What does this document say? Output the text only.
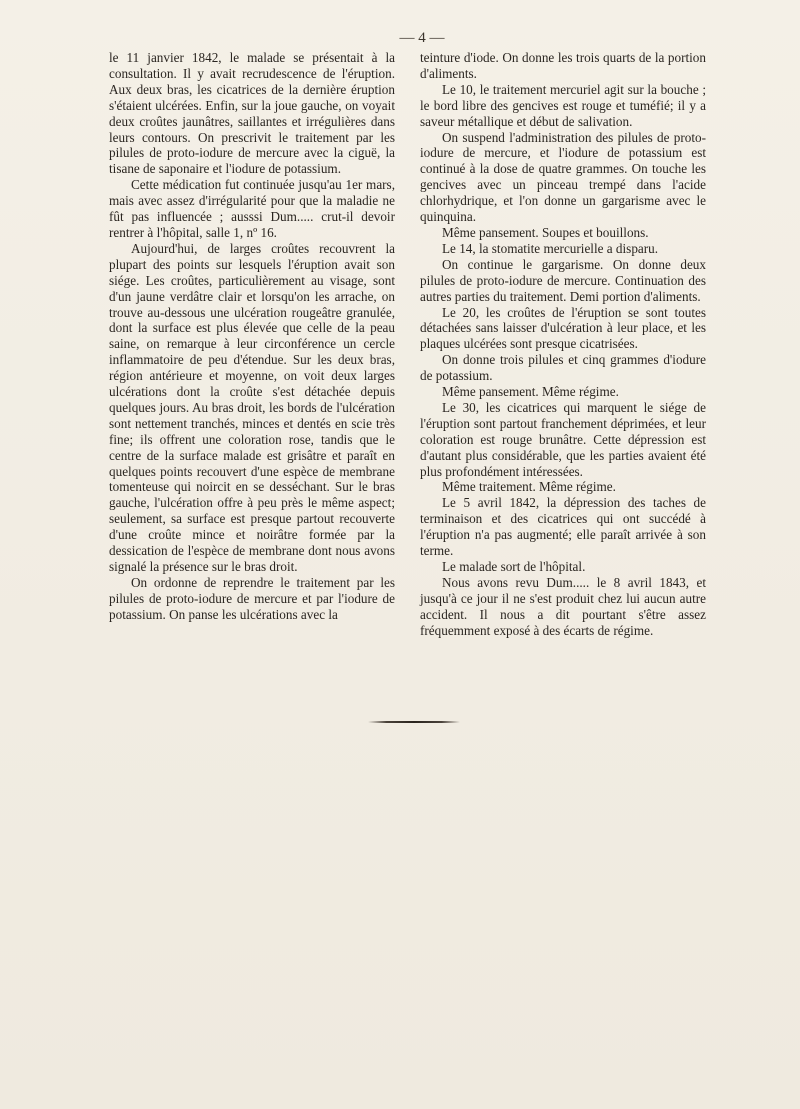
— 4 —

le 11 janvier 1842, le malade se présentait à la consultation. Il y avait recrudescence de l'éruption. Aux deux bras, les cicatrices de la dernière éruption s'étaient ulcérées. Enfin, sur la joue gauche, on voyait deux croûtes jaunâtres, saillantes et irrégulières dans leurs contours. On prescrivit le traitement par les pilules de proto-iodure de mercure avec la ciguë, la tisane de saponaire et l'iodure de potassium.

Cette médication fut continuée jusqu'au 1er mars, mais avec assez d'irrégularité pour que la maladie ne fût pas influencée ; ausssi Dum..... crut-il devoir rentrer à l'hôpital, salle 1, nº 16.

Aujourd'hui, de larges croûtes recouvrent la plupart des points sur lesquels l'éruption avait son siége. Les croûtes, particulièrement au visage, sont d'un jaune verdâtre clair et lorsqu'on les arrache, on trouve au-dessous une ulcération rougeâtre granulée, dont la surface est plus élevée que celle de la peau saine, on remarque à leur circonférence un cercle inflammatoire de peu d'étendue. Sur les deux bras, région antérieure et moyenne, on voit deux larges ulcérations dont la croûte s'est détachée depuis quelques jours. Au bras droit, les bords de l'ulcération sont nettement tranchés, minces et dentés en scie très fine; ils offrent une coloration rose, tandis que le centre de la surface malade est grisâtre et paraît en quelques points recouvert d'une espèce de membrane tomenteuse qui noircit en se desséchant. Sur le bras gauche, l'ulcération offre à peu près le même aspect; seulement, sa surface est presque partout recouverte d'une croûte mince et noirâtre formée par la dessication de l'espèce de membrane dont nous avons signalé la présence sur le bras droit.

On ordonne de reprendre le traitement par les pilules de proto-iodure de mercure et par l'iodure de potassium. On panse les ulcérations avec la

teinture d'iode. On donne les trois quarts de la portion d'aliments.

Le 10, le traitement mercuriel agit sur la bouche ; le bord libre des gencives est rouge et tuméfié; il y a saveur métallique et début de salivation.

On suspend l'administration des pilules de proto-iodure de mercure, et l'iodure de potassium est continué à la dose de quatre grammes. On touche les gencives avec un pinceau trempé dans l'acide chlorhydrique, et l'on donne un gargarisme avec le quinquina.

Même pansement. Soupes et bouillons.

Le 14, la stomatite mercurielle a disparu.

On continue le gargarisme. On donne deux pilules de proto-iodure de mercure. Continuation des autres parties du traitement. Demi portion d'aliments.

Le 20, les croûtes de l'éruption se sont toutes détachées sans laisser d'ulcération à leur place, et les plaques ulcérées sont presque cicatrisées.

On donne trois pilules et cinq grammes d'iodure de potassium.

Même pansement. Même régime.

Le 30, les cicatrices qui marquent le siége de l'éruption sont partout franchement déprimées, et leur coloration est rouge brunâtre. Cette dépression est d'autant plus considérable, que les parties avaient été plus profondément intéressées.

Même traitement. Même régime.

Le 5 avril 1842, la dépression des taches de terminaison et des cicatrices qui ont succédé à l'éruption n'a pas augmenté; elle paraît arrivée à son terme.

Le malade sort de l'hôpital.

Nous avons revu Dum..... le 8 avril 1843, et jusqu'à ce jour il ne s'est produit chez lui aucun autre accident. Il nous a dit pourtant s'être assez fréquemment exposé à des écarts de régime.
